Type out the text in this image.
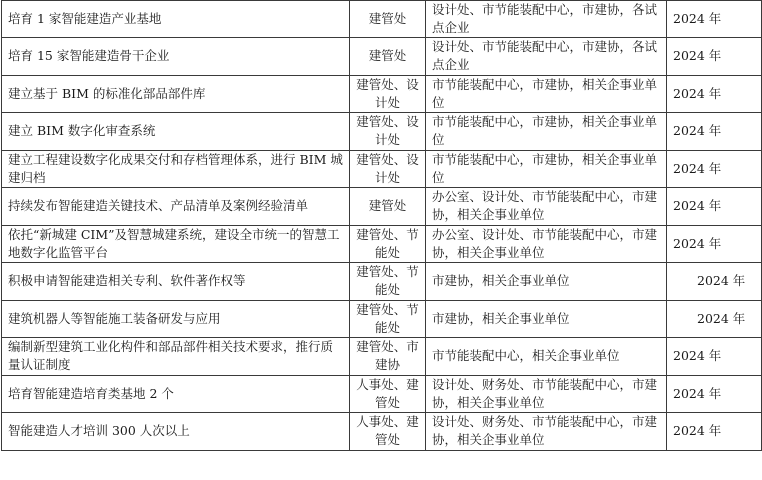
培育 1 家智能建造产业基地	建管处	设计处、市节能装配中心，市建协，各试点企业	2024 年
培育 15 家智能建造骨干企业	建管处	设计处、市节能装配中心，市建协，各试点企业	2024 年
建立基于 BIM 的标准化部品部件库	建管处、设计处	市节能装配中心，市建协，相关企事业单位	2024 年
建立 BIM 数字化审查系统	建管处、设计处	市节能装配中心，市建协，相关企事业单位	2024 年
建立工程建设数字化成果交付和存档管理体系，进行 BIM 城建归档	建管处、设计处	市节能装配中心，市建协，相关企事业单位	2024 年
持续发布智能建造关键技术、产品清单及案例经验清单	建管处	办公室、设计处、市节能装配中心，市建协，相关企事业单位	2024 年
依托“新城建 CIM”及智慧城建系统，建设全市统一的智慧工地数字化监管平台	建管处、节能处	办公室、设计处、市节能装配中心，市建协，相关企事业单位	2024 年
积极申请智能建造相关专利、软件著作权等	建管处、节能处	市建协，相关企事业单位	2024 年
建筑机器人等智能施工装备研发与应用	建管处、节能处	市建协，相关企事业单位	2024 年
编制新型建筑工业化构件和部品部件相关技术要求，推行质量认证制度	建管处、市建协	市节能装配中心，相关企事业单位	2024 年
培育智能建造培育类基地 2 个	人事处、建管处	设计处、财务处、市节能装配中心，市建协，相关企事业单位	2024 年
智能建造人才培训 300 人次以上	人事处、建管处	设计处、财务处、市节能装配中心，市建协，相关企事业单位	2024 年
